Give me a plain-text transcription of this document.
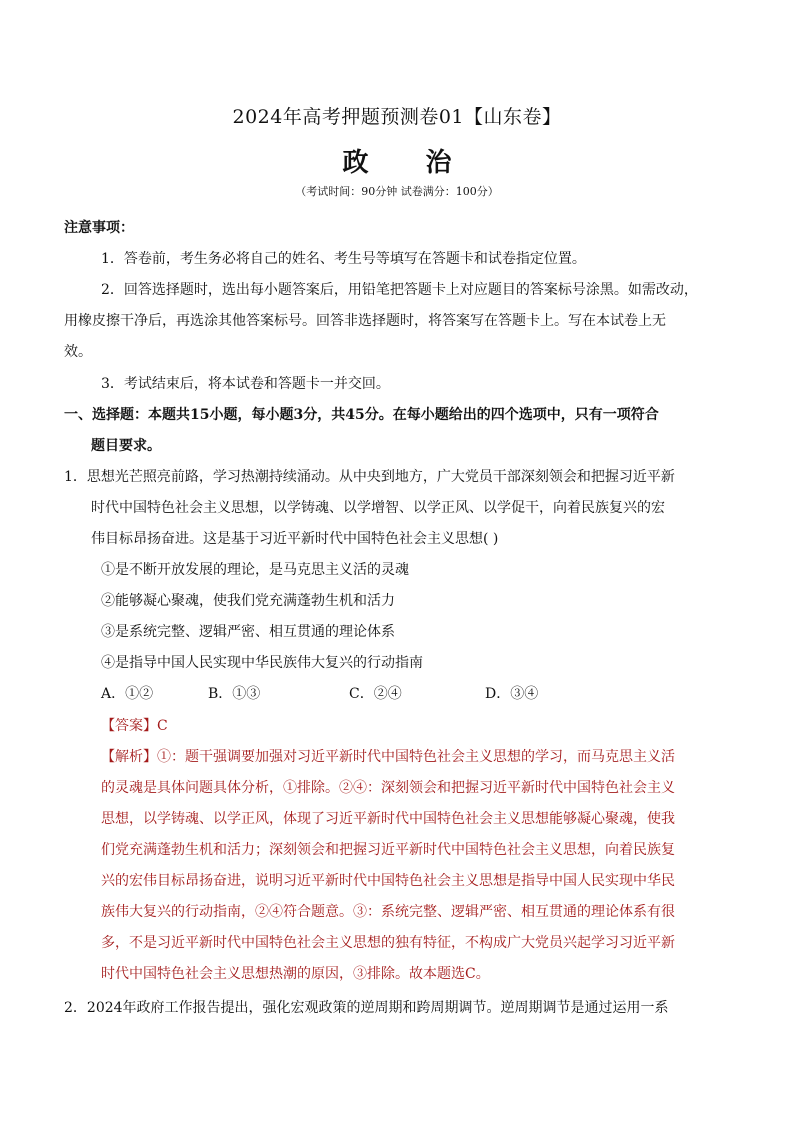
2024年高考押题预测卷01【山东卷】
政 治
（考试时间：90分钟 试卷满分：100分）
注意事项：
1．答卷前，考生务必将自己的姓名、考生号等填写在答题卡和试卷指定位置。
2．回答选择题时，选出每小题答案后，用铅笔把答题卡上对应题目的答案标号涂黑。如需改动，
用橡皮擦干净后，再选涂其他答案标号。回答非选择题时，将答案写在答题卡上。写在本试卷上无
效。
3．考试结束后，将本试卷和答题卡一并交回。
一、选择题：本题共15小题，每小题3分，共45分。在每小题给出的四个选项中，只有一项符合
题目要求。
1．思想光芒照亮前路，学习热潮持续涌动。从中央到地方，广大党员干部深刻领会和把握习近平新
时代中国特色社会主义思想，以学铸魂、以学增智、以学正风、以学促干，向着民族复兴的宏
伟目标昂扬奋进。这是基于习近平新时代中国特色社会主义思想( )
①是不断开放发展的理论，是马克思主义活的灵魂
②能够凝心聚魂，使我们党充满蓬勃生机和活力
③是系统完整、逻辑严密、相互贯通的理论体系
④是指导中国人民实现中华民族伟大复兴的行动指南
A．①②	B．①③	C．②④	D．③④
【答案】C
【解析】①：题干强调要加强对习近平新时代中国特色社会主义思想的学习，而马克思主义活
的灵魂是具体问题具体分析，①排除。②④：深刻领会和把握习近平新时代中国特色社会主义
思想，以学铸魂、以学正风，体现了习近平新时代中国特色社会主义思想能够凝心聚魂，使我
们党充满蓬勃生机和活力；深刻领会和把握习近平新时代中国特色社会主义思想，向着民族复
兴的宏伟目标昂扬奋进，说明习近平新时代中国特色社会主义思想是指导中国人民实现中华民
族伟大复兴的行动指南，②④符合题意。③：系统完整、逻辑严密、相互贯通的理论体系有很
多，不是习近平新时代中国特色社会主义思想的独有特征，不构成广大党员兴起学习习近平新
时代中国特色社会主义思想热潮的原因，③排除。故本题选C。
2．2024年政府工作报告提出，强化宏观政策的逆周期和跨周期调节。逆周期调节是通过运用一系
